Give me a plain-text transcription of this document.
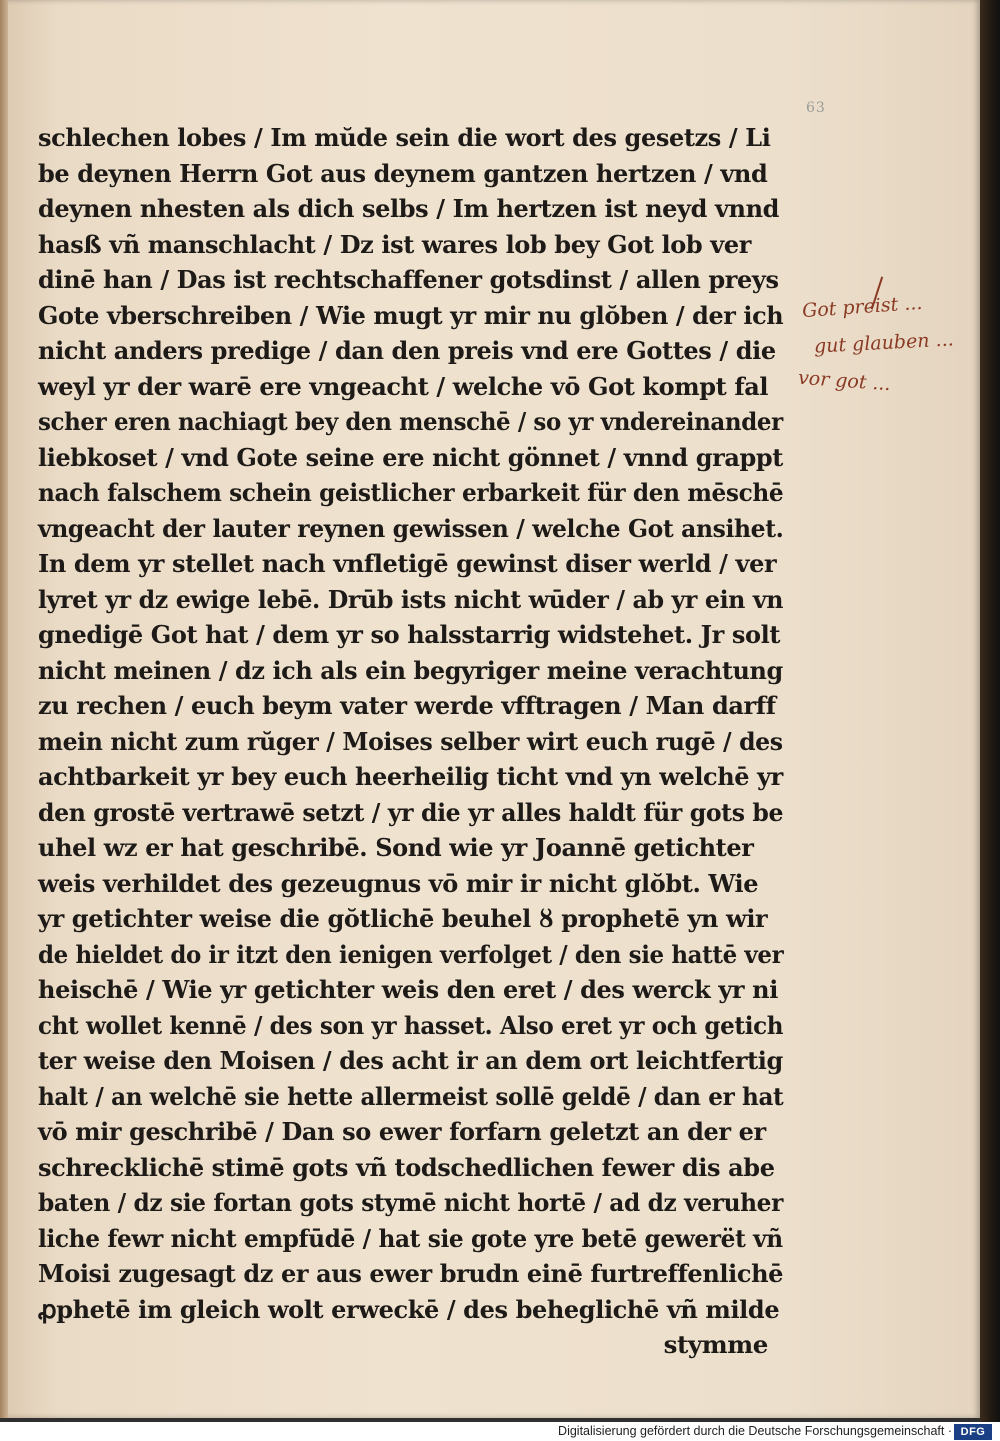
63
schlechen lobes / Im mŭde sein die wort des gesetzs / Li
be deynen Herrn Got aus deynem gantzen hertzen / vnd
deynen nhesten als dich selbs / Im hertzen ist neyd vnnd
hasß vñ manschlacht / Dz ist wares lob bey Got lob ver
dinē han / Das ist rechtschaffener gotsdinst / allen preys
Gote vberschreiben / Wie mugt yr mir nu glŏben / der ich
nicht anders predige / dan den preis vnd ere Gottes / die
weyl yr der warē ere vngeacht / welche vō Got kompt fal
scher eren nachiagt bey den menschē / so yr vndereinander
liebkoset / vnd Gote seine ere nicht gönnet / vnnd grappt
nach falschem schein geistlicher erbarkeit für den mēschē
vngeacht der lauter reynen gewissen / welche Got ansihet.
In dem yr stellet nach vnfletigē gewinst diser werld / ver
lyret yr dz ewige lebē. Drūb ists nicht wūder / ab yr ein vn
gnedigē Got hat / dem yr so halsstarrig widstehet. Jr solt
nicht meinen / dz ich als ein begyriger meine verachtung
zu rechen / euch beym vater werde vfftragen / Man darff
mein nicht zum rŭger / Moises selber wirt euch rugē / des
achtbarkeit yr bey euch heerheilig ticht vnd yn welchē yr
den grostē vertrawē setzt / yr die yr alles haldt für gots be
uhel wz er hat geschribē. Sond wie yr Joannē getichter
weis verhildet des gezeugnus vō mir ir nicht glŏbt. Wie
yr getichter weise die gŏtlichē beuhel ȣ prophetē yn wir
de hieldet do ir itzt den ienigen verfolget / den sie hattē ver
heischē / Wie yr getichter weis den eret / des werck yr ni
cht wollet kennē / des son yr hasset. Also eret yr och getich
ter weise den Moisen / des acht ir an dem ort leichtfertig
halt / an welchē sie hette allermeist sollē geldē / dan er hat
vō mir geschribē / Dan so ewer forfarn geletzt an der er
schrecklichē stimē gots vñ todschedlichen fewer dis abe
baten / dz sie fortan gots stymē nicht hortē / ad dz veruher
liche fewr nicht empfūdē / hat sie gote yre betē gewerët vñ
Moisi zugesagt dz er aus ewer brudn einē furtreffenlichē
ꝓphetē im gleich wolt erweckē / des beheglichē vñ milde
stymme
Got preist ...
gut glauben ...
vor got ...
Digitalisierung gefördert durch die Deutsche Forschungsgemeinschaft · DFG
